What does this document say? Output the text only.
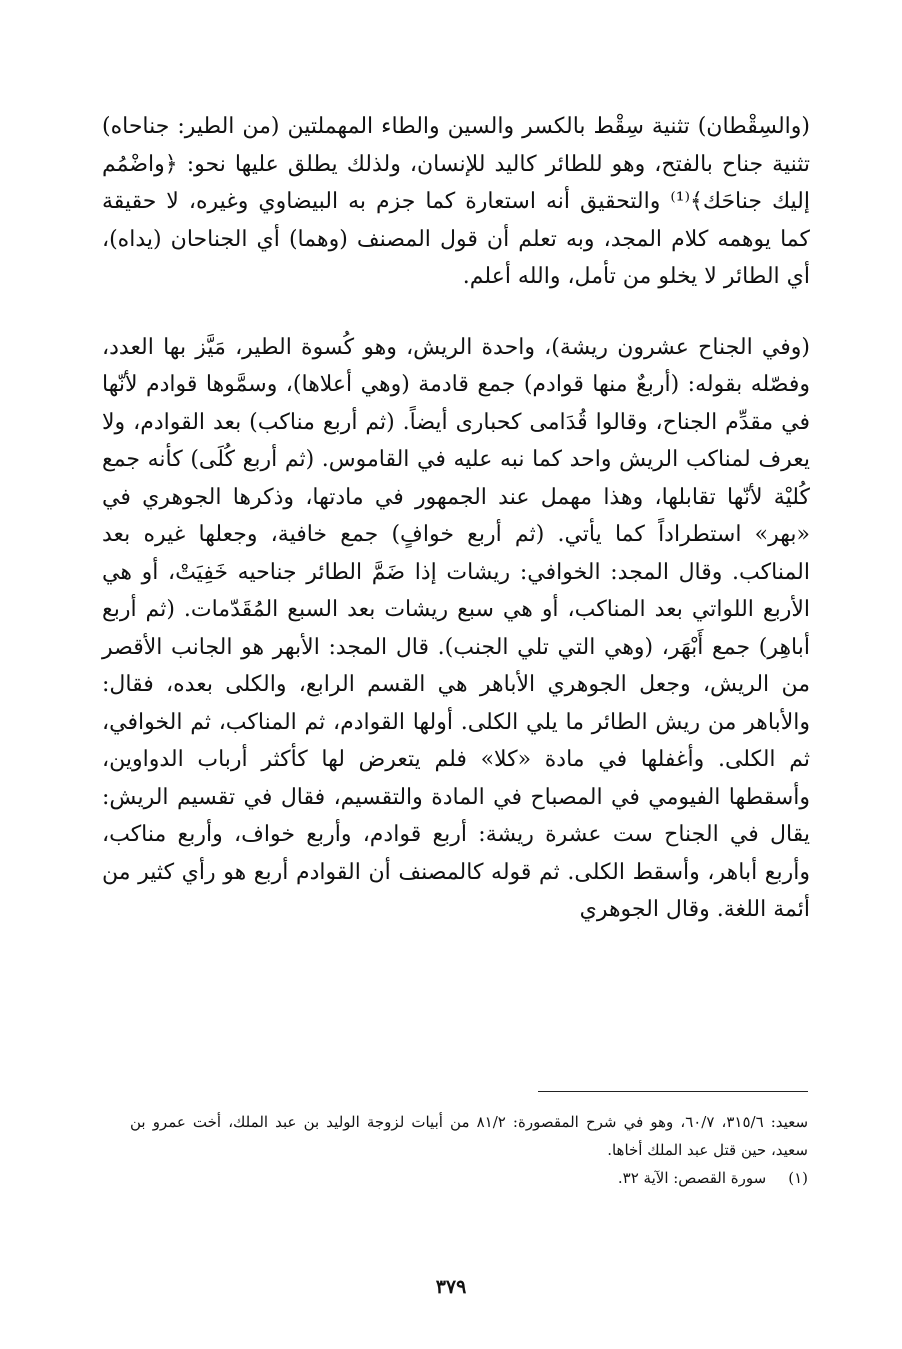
(والسِقْطان) تثنية سِقْط بالكسر والسين والطاء المهملتين (من الطير: جناحاه) تثنية جناح بالفتح، وهو للطائر كاليد للإنسان، ولذلك يطلق عليها نحو: ﴿واضْمُم إليك جناحَك﴾⁽¹⁾ والتحقيق أنه استعارة كما جزم به البيضاوي وغيره، لا حقيقة كما يوهمه كلام المجد، وبه تعلم أن قول المصنف (وهما) أي الجناحان (يداه)، أي الطائر لا يخلو من تأمل، والله أعلم.

(وفي الجناح عشرون ريشة)، واحدة الريش، وهو كُسوة الطير، مَيَّز بها العدد، وفصّله بقوله: (أربعٌ منها قوادم) جمع قادمة (وهي أعلاها)، وسمَّوها قوادم لأنّها في مقدِّم الجناح، وقالوا قُدَامى كحبارى أيضاً. (ثم أربع مناكب) بعد القوادم، ولا يعرف لمناكب الريش واحد كما نبه عليه في القاموس. (ثم أربع كُلَى) كأنه جمع كُليْة لأنّها تقابلها، وهذا مهمل عند الجمهور في مادتها، وذكرها الجوهري في «بهر» استطراداً كما يأتي. (ثم أربع خوافٍ) جمع خافية، وجعلها غيره بعد المناكب. وقال المجد: الخوافي: ريشات إذا ضَمَّ الطائر جناحيه خَفِيَتْ، أو هي الأربع اللواتي بعد المناكب، أو هي سبع ريشات بعد السبع المُقَدّمات. (ثم أربع أباهِر) جمع أَبْهَر، (وهي التي تلي الجنب). قال المجد: الأبهر هو الجانب الأقصر من الريش، وجعل الجوهري الأباهر هي القسم الرابع، والكلى بعده، فقال: والأباهر من ريش الطائر ما يلي الكلى. أولها القوادم، ثم المناكب، ثم الخوافي، ثم الكلى. وأغفلها في مادة «كلا» فلم يتعرض لها كأكثر أرباب الدواوين، وأسقطها الفيومي في المصباح في المادة والتقسيم، فقال في تقسيم الريش: يقال في الجناح ست عشرة ريشة: أربع قوادم، وأربع خواف، وأربع مناكب، وأربع أباهر، وأسقط الكلى. ثم قوله كالمصنف أن القوادم أربع هو رأي كثير من أئمة اللغة. وقال الجوهري

سعيد: ٣١٥/٦، ٦٠/٧، وهو في شرح المقصورة: ٨١/٢ من أبيات لزوجة الوليد بن عبد الملك، أخت عمرو بن سعيد، حين قتل عبد الملك أخاها.

(١)سورة القصص: الآية ٣٢.

٣٧٩
